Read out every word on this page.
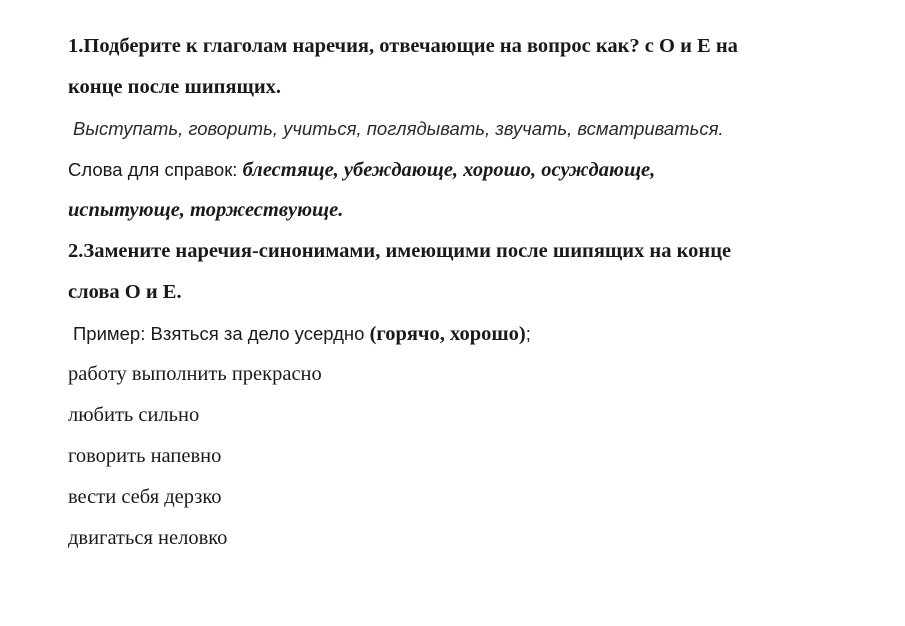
1.Подберите к глаголам наречия, отвечающие на вопрос как? с О и Е на
конце после шипящих.
Выступать, говорить, учиться, поглядывать, звучать, всматриваться.
Слова для справок: блестяще, убеждающе, хорошо, осуждающе,
испытующе, торжествующе.
2.Замените наречия-синонимами, имеющими после шипящих на конце
слова О и Е.
Пример: Взяться за дело усердно (горячо, хорошо);
работу выполнить прекрасно
любить сильно
говорить напевно
вести себя дерзко
двигаться неловко
